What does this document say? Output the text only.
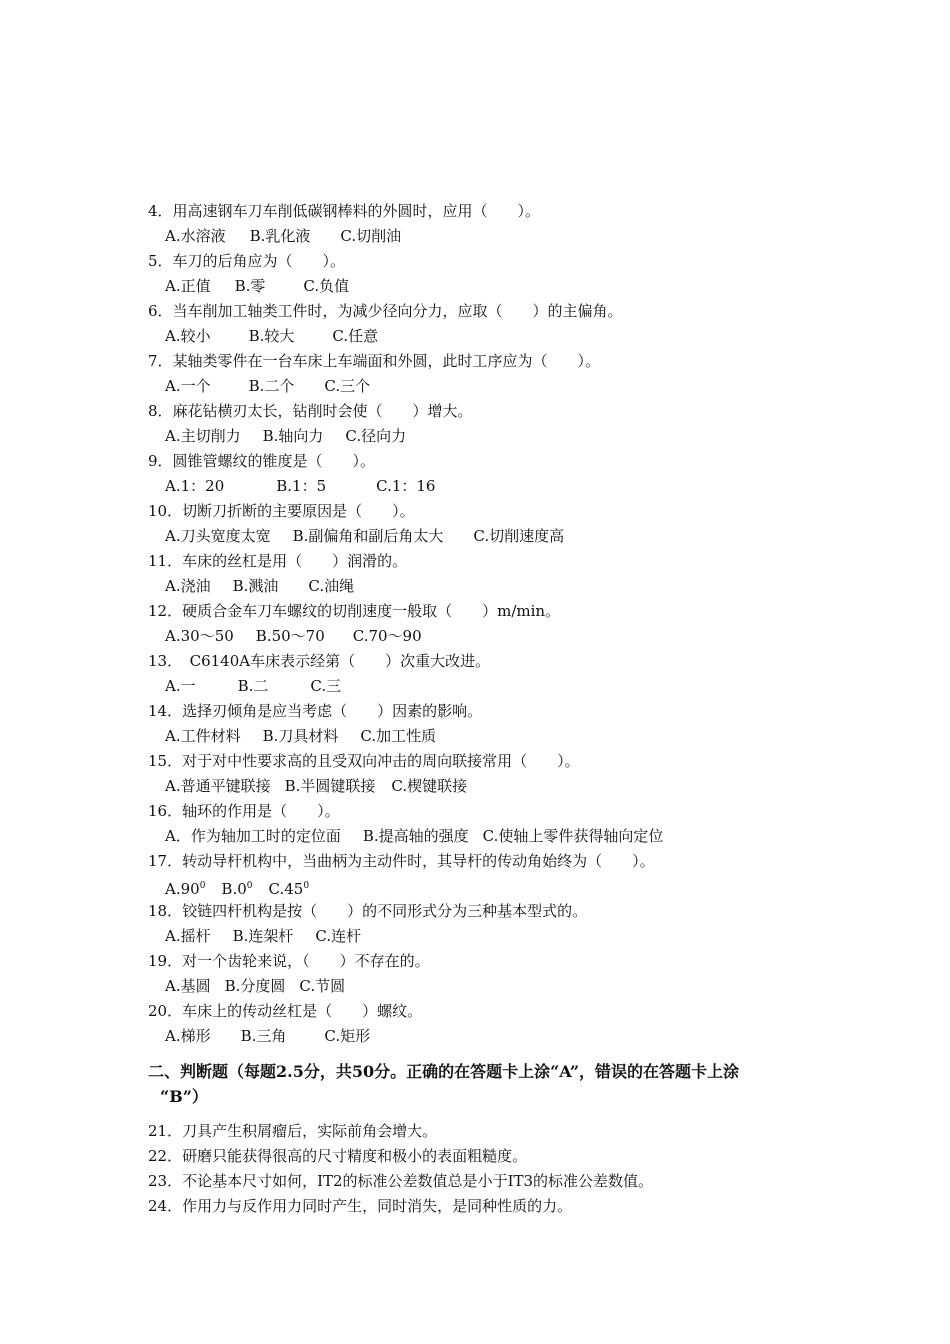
4．用高速钢车刀车削低碳钢棒料的外圆时，应用（　　）。
A.水溶液 B.乳化液 C.切削油
5．车刀的后角应为（　　）。
A.正值 B.零	C.负值
6．当车削加工轴类工件时，为减少径向分力，应取（　　）的主偏角。
A.较小	B.较大	C.任意
7．某轴类零件在一台车床上车端面和外圆，此时工序应为（　　）。
A.一个	B.二个 C.三个
8．麻花钻横刃太长，钻削时会使（　　）增大。
A.主切削力 B.轴向力 C.径向力
9．圆锥管螺纹的锥度是（　　）。
A.1：20	B.1：5	C.1：16
10．切断刀折断的主要原因是（　　）。
A.刀头宽度太宽 B.副偏角和副后角太大 C.切削速度高
11．车床的丝杠是用（　　）润滑的。
A.浇油 B.溅油 C.油绳
12．硬质合金车刀车螺纹的切削速度一般取（　　）m/min。
A.30～50 B.50～70 C.70～90
13．　C6140A车床表示经第（　　）次重大改进。
A.一	B.二	C.三
14．选择刃倾角是应当考虑（　　）因素的影响。
A.工件材料 B.刀具材料 C.加工性质
15．对于对中性要求高的且受双向冲击的周向联接常用（　　）。
A.普通平键联接 B.半圆键联接 C.楔键联接
16．轴环的作用是（　　）。
A．作为轴加工时的定位面 B.提高轴的强度 C.使轴上零件获得轴向定位
17．转动导杆机构中，当曲柄为主动件时，其导杆的传动角始终为（　　）。
$A.90^0$ $B.0^0$ $C.45^0$
18．铰链四杆机构是按（　　）的不同形式分为三种基本型式的。
A.摇杆 B.连架杆 C.连杆
19．对一个齿轮来说，（　　）不存在的。
A.基圆 B.分度圆 C.节圆
20．车床上的传动丝杠是（　　）螺纹。
A.梯形 B.三角	C.矩形
二、判断题（每题2.5分，共50分。正确的在答题卡上涂“A”，错误的在答题卡上涂
“B”）
21．刀具产生积屑瘤后，实际前角会增大。
22．研磨只能获得很高的尺寸精度和极小的表面粗糙度。
23．不论基本尺寸如何，IT2的标准公差数值总是小于IT3的标准公差数值。
24．作用力与反作用力同时产生，同时消失，是同种性质的力。
